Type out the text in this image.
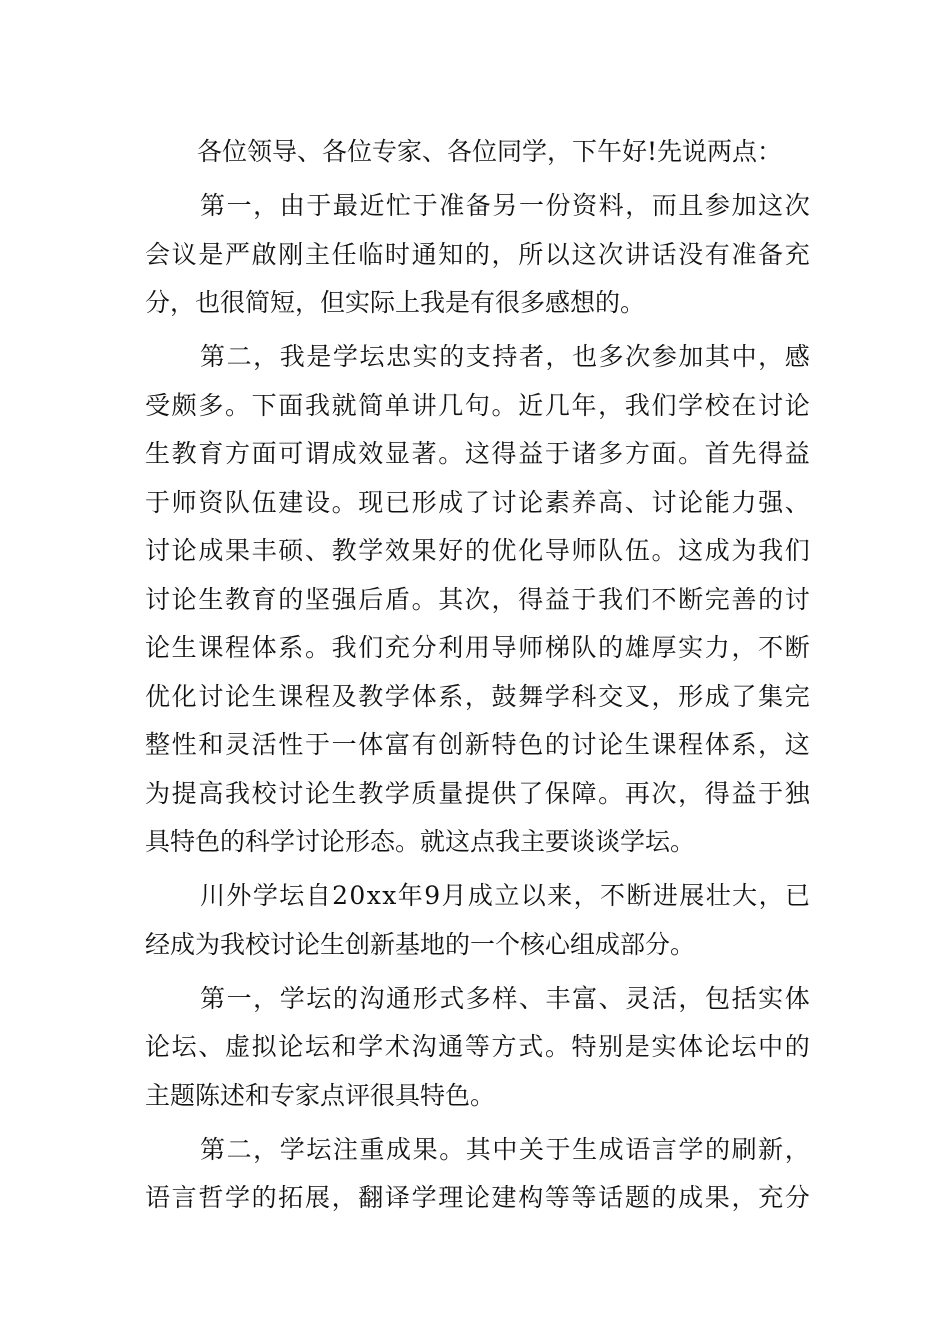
各位领导、各位专家、各位同学，下午好!先说两点：
第 一 ， 由 于 最 近 忙 于 准 备 另 一 份 资 料 ， 而 且 参 加 这 次
会 议 是 严 啟 刚 主 任 临 时 通 知 的 ， 所 以 这 次 讲 话 没 有 准 备 充
分，也很简短，但实际上我是有很多感想的。
第 二 ， 我 是 学 坛 忠 实 的 支 持 者 ， 也 多 次 参 加 其 中 ， 感
受 颇 多 。 下 面 我 就 简 单 讲 几 句 。 近 几 年 ， 我 们 学 校 在 讨 论
生 教 育 方 面 可 谓 成 效 显 著 。 这 得 益 于 诸 多 方 面 。 首 先 得 益
于 师 资 队 伍 建 设 。 现 已 形 成 了 讨 论 素 养 高 、 讨 论 能 力 强 、
讨 论 成 果 丰 硕 、 教 学 效 果 好 的 优 化 导 师 队 伍 。 这 成 为 我 们
讨 论 生 教 育 的 坚 强 后 盾 。 其 次 ， 得 益 于 我 们 不 断 完 善 的 讨
论 生 课 程 体 系 。 我 们 充 分 利 用 导 师 梯 队 的 雄 厚 实 力 ， 不 断
优 化 讨 论 生 课 程 及 教 学 体 系 ， 鼓 舞 学 科 交 叉 ， 形 成 了 集 完
整 性 和 灵 活 性 于 一 体 富 有 创 新 特 色 的 讨 论 生 课 程 体 系 ， 这
为 提 高 我 校 讨 论 生 教 学 质 量 提 供 了 保 障 。 再 次 ， 得 益 于 独
具特色的科学讨论形态。就这点我主要谈谈学坛。
川 外 学 坛 自 2 0 x x 年 9 月 成 立 以 来 ， 不 断 进 展 壮 大 ， 已
经成为我校讨论生创新基地的一个核心组成部分。
第 一 ， 学 坛 的 沟 通 形 式 多 样 、 丰 富 、 灵 活 ， 包 括 实 体
论 坛 、 虚 拟 论 坛 和 学 术 沟 通 等 方 式 。 特 别 是 实 体 论 坛 中 的
主题陈述和专家点评很具特色。
第 二 ， 学 坛 注 重 成 果 。 其 中 关 于 生 成 语 言 学 的 刷 新 ，
语 言 哲 学 的 拓 展 ， 翻 译 学 理 论 建 构 等 等 话 题 的 成 果 ， 充 分
